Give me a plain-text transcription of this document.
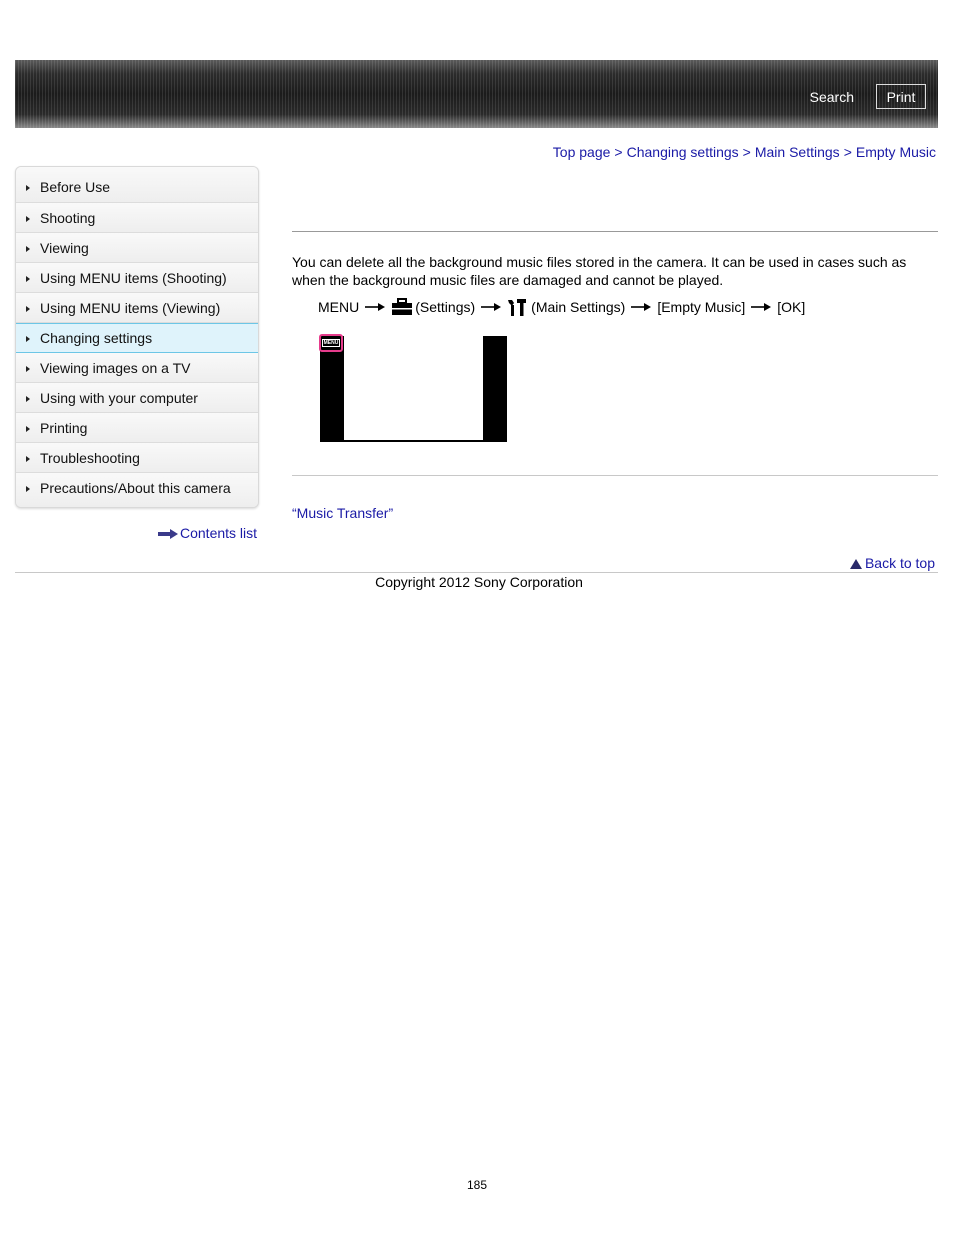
Search	Print
Top page > Changing settings > Main Settings > Empty Music
Before Use
Shooting
Viewing
Using MENU items (Shooting)
Using MENU items (Viewing)
Changing settings
Viewing images on a TV
Using with your computer
Printing
Troubleshooting
Precautions/About this camera
Contents list
You can delete all the background music files stored in the camera. It can be used in cases such as when the background music files are damaged and cannot be played.
MENU	(Settings)	(Main Settings) [Empty Music] [OK]
MENU
“Music Transfer”
Back to top
Copyright 2012 Sony Corporation
185
